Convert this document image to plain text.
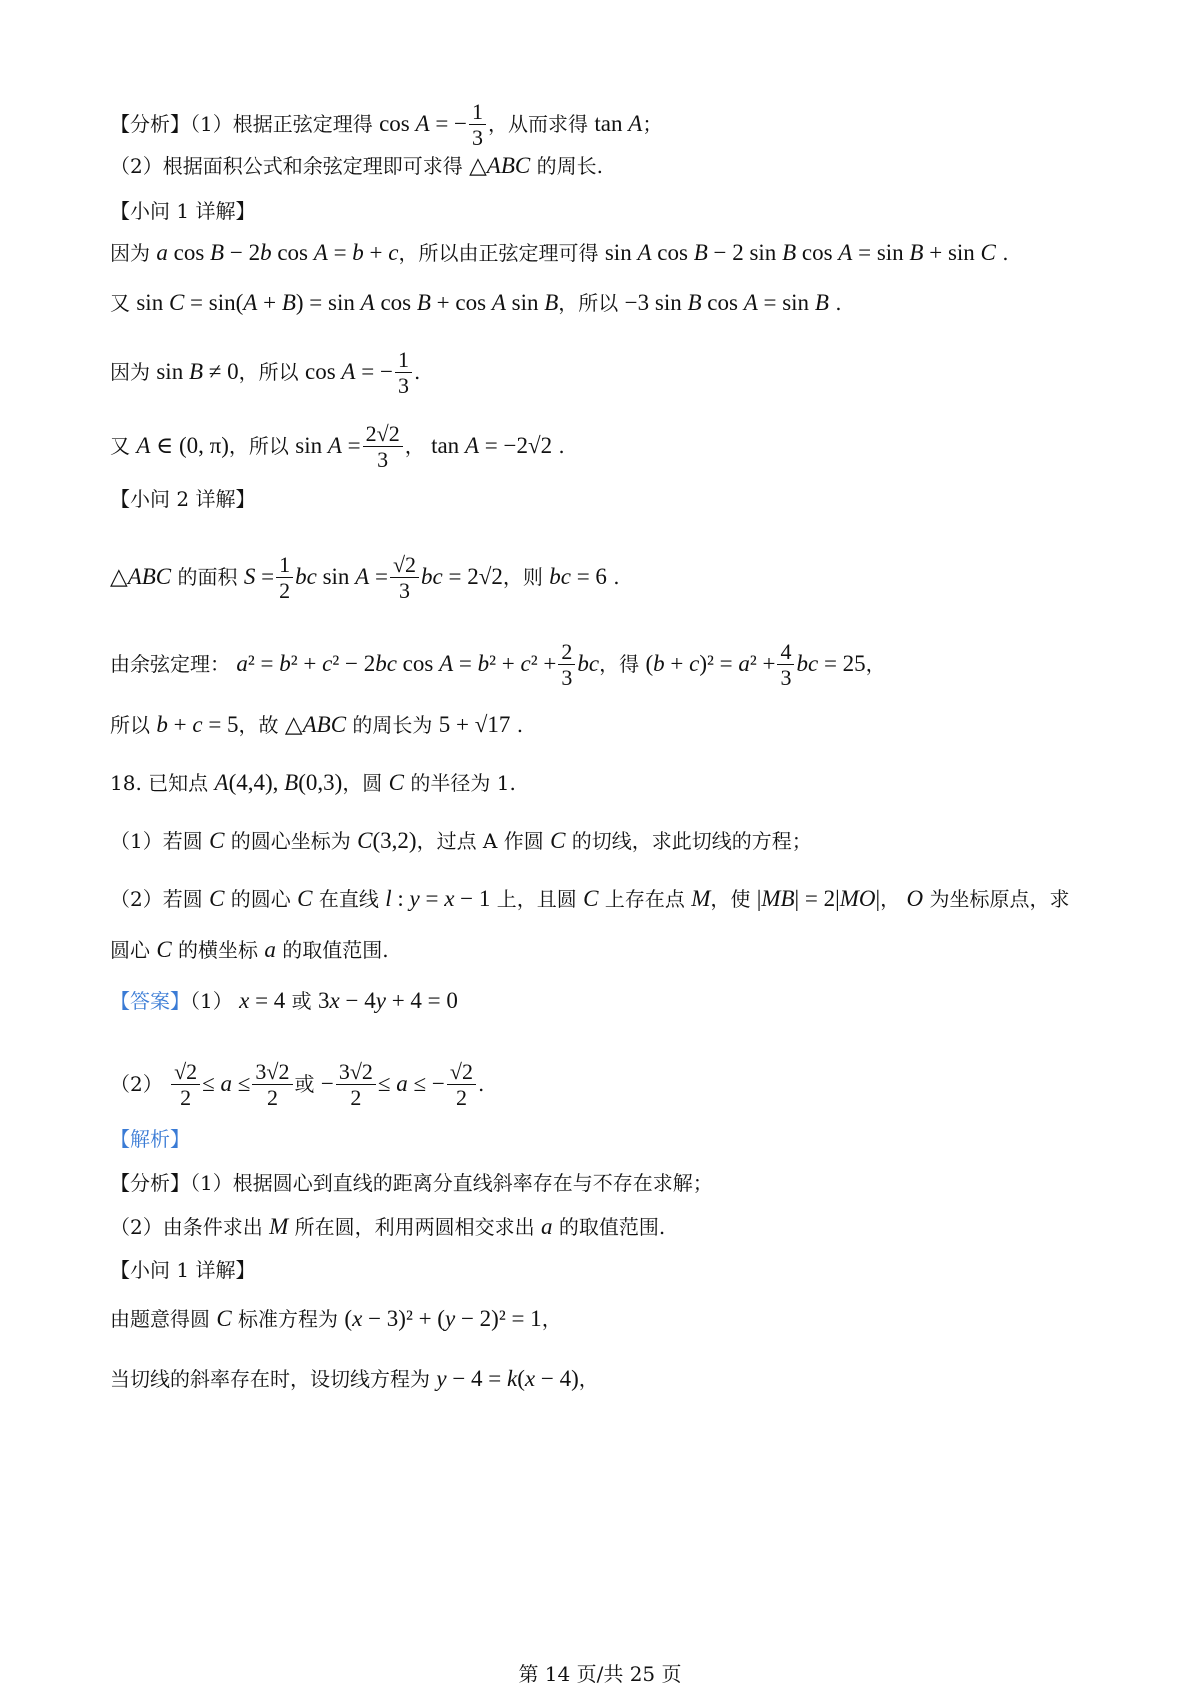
【分析】（1）根据正弦定理得 cos A = − $\frac{1}{3}$ ，从而求得 tan A；
（2）根据面积公式和余弦定理即可求得 △ABC 的周长.
【小问 1 详解】
因为 a cos B − 2b cos A = b + c，所以由正弦定理可得 sin A cos B − 2 sin B cos A = sin B + sin C .
又 sin C = sin(A + B) = sin A cos B + cos A sin B，所以 −3 sin B cos A = sin B .
因为 sin B ≠ 0，所以 cos A = − $\frac{1}{3}$ .
又 A ∈ (0, π)，所以 $\sin A = \frac{2√2}{3}$ ， tan A = −2√2 .
【小问 2 详解】
△ABC 的面积 $S = \frac{1}{2}$ bc $\sin A = \frac{√2}{3}$ bc = 2√2，则 bc = 6 .
由余弦定理： a² = b² + c² − 2bc $\cos A = b^2 + c^2 + \frac{2}{3}$ bc，得 $(b + c)^2 = a^2 + \frac{4}{3}$ bc = 25，
所以 b + c = 5，故 △ABC 的周长为 5 + √17 .
18. 已知点 A(4,4), B(0,3)，圆 C 的半径为 1.
（1）若圆 C 的圆心坐标为 C(3,2)，过点 A 作圆 C 的切线，求此切线的方程；
（2）若圆 C 的圆心 C 在直线 l : y = x − 1 上，且圆 C 上存在点 M，使 |MB| = 2|MO|， O 为坐标原点，求
圆心 C 的横坐标 a 的取值范围.
【答案】（1） x = 4 或 3x − 4y + 4 = 0
$(2) \frac{√2}{2} \le a \le \frac{3√2}{2}$ 或 − $\frac{3√2}{2} \le a$ ≤ − $\frac{√2}{2}$ .
【解析】
【分析】（1）根据圆心到直线的距离分直线斜率存在与不存在求解；
（2）由条件求出 M 所在圆，利用两圆相交求出 a 的取值范围.
【小问 1 详解】
由题意得圆 C 标准方程为 (x − 3)² + (y − 2)² = 1，
当切线的斜率存在时，设切线方程为 y − 4 = k(x − 4)，
第 14 页/共 25 页
